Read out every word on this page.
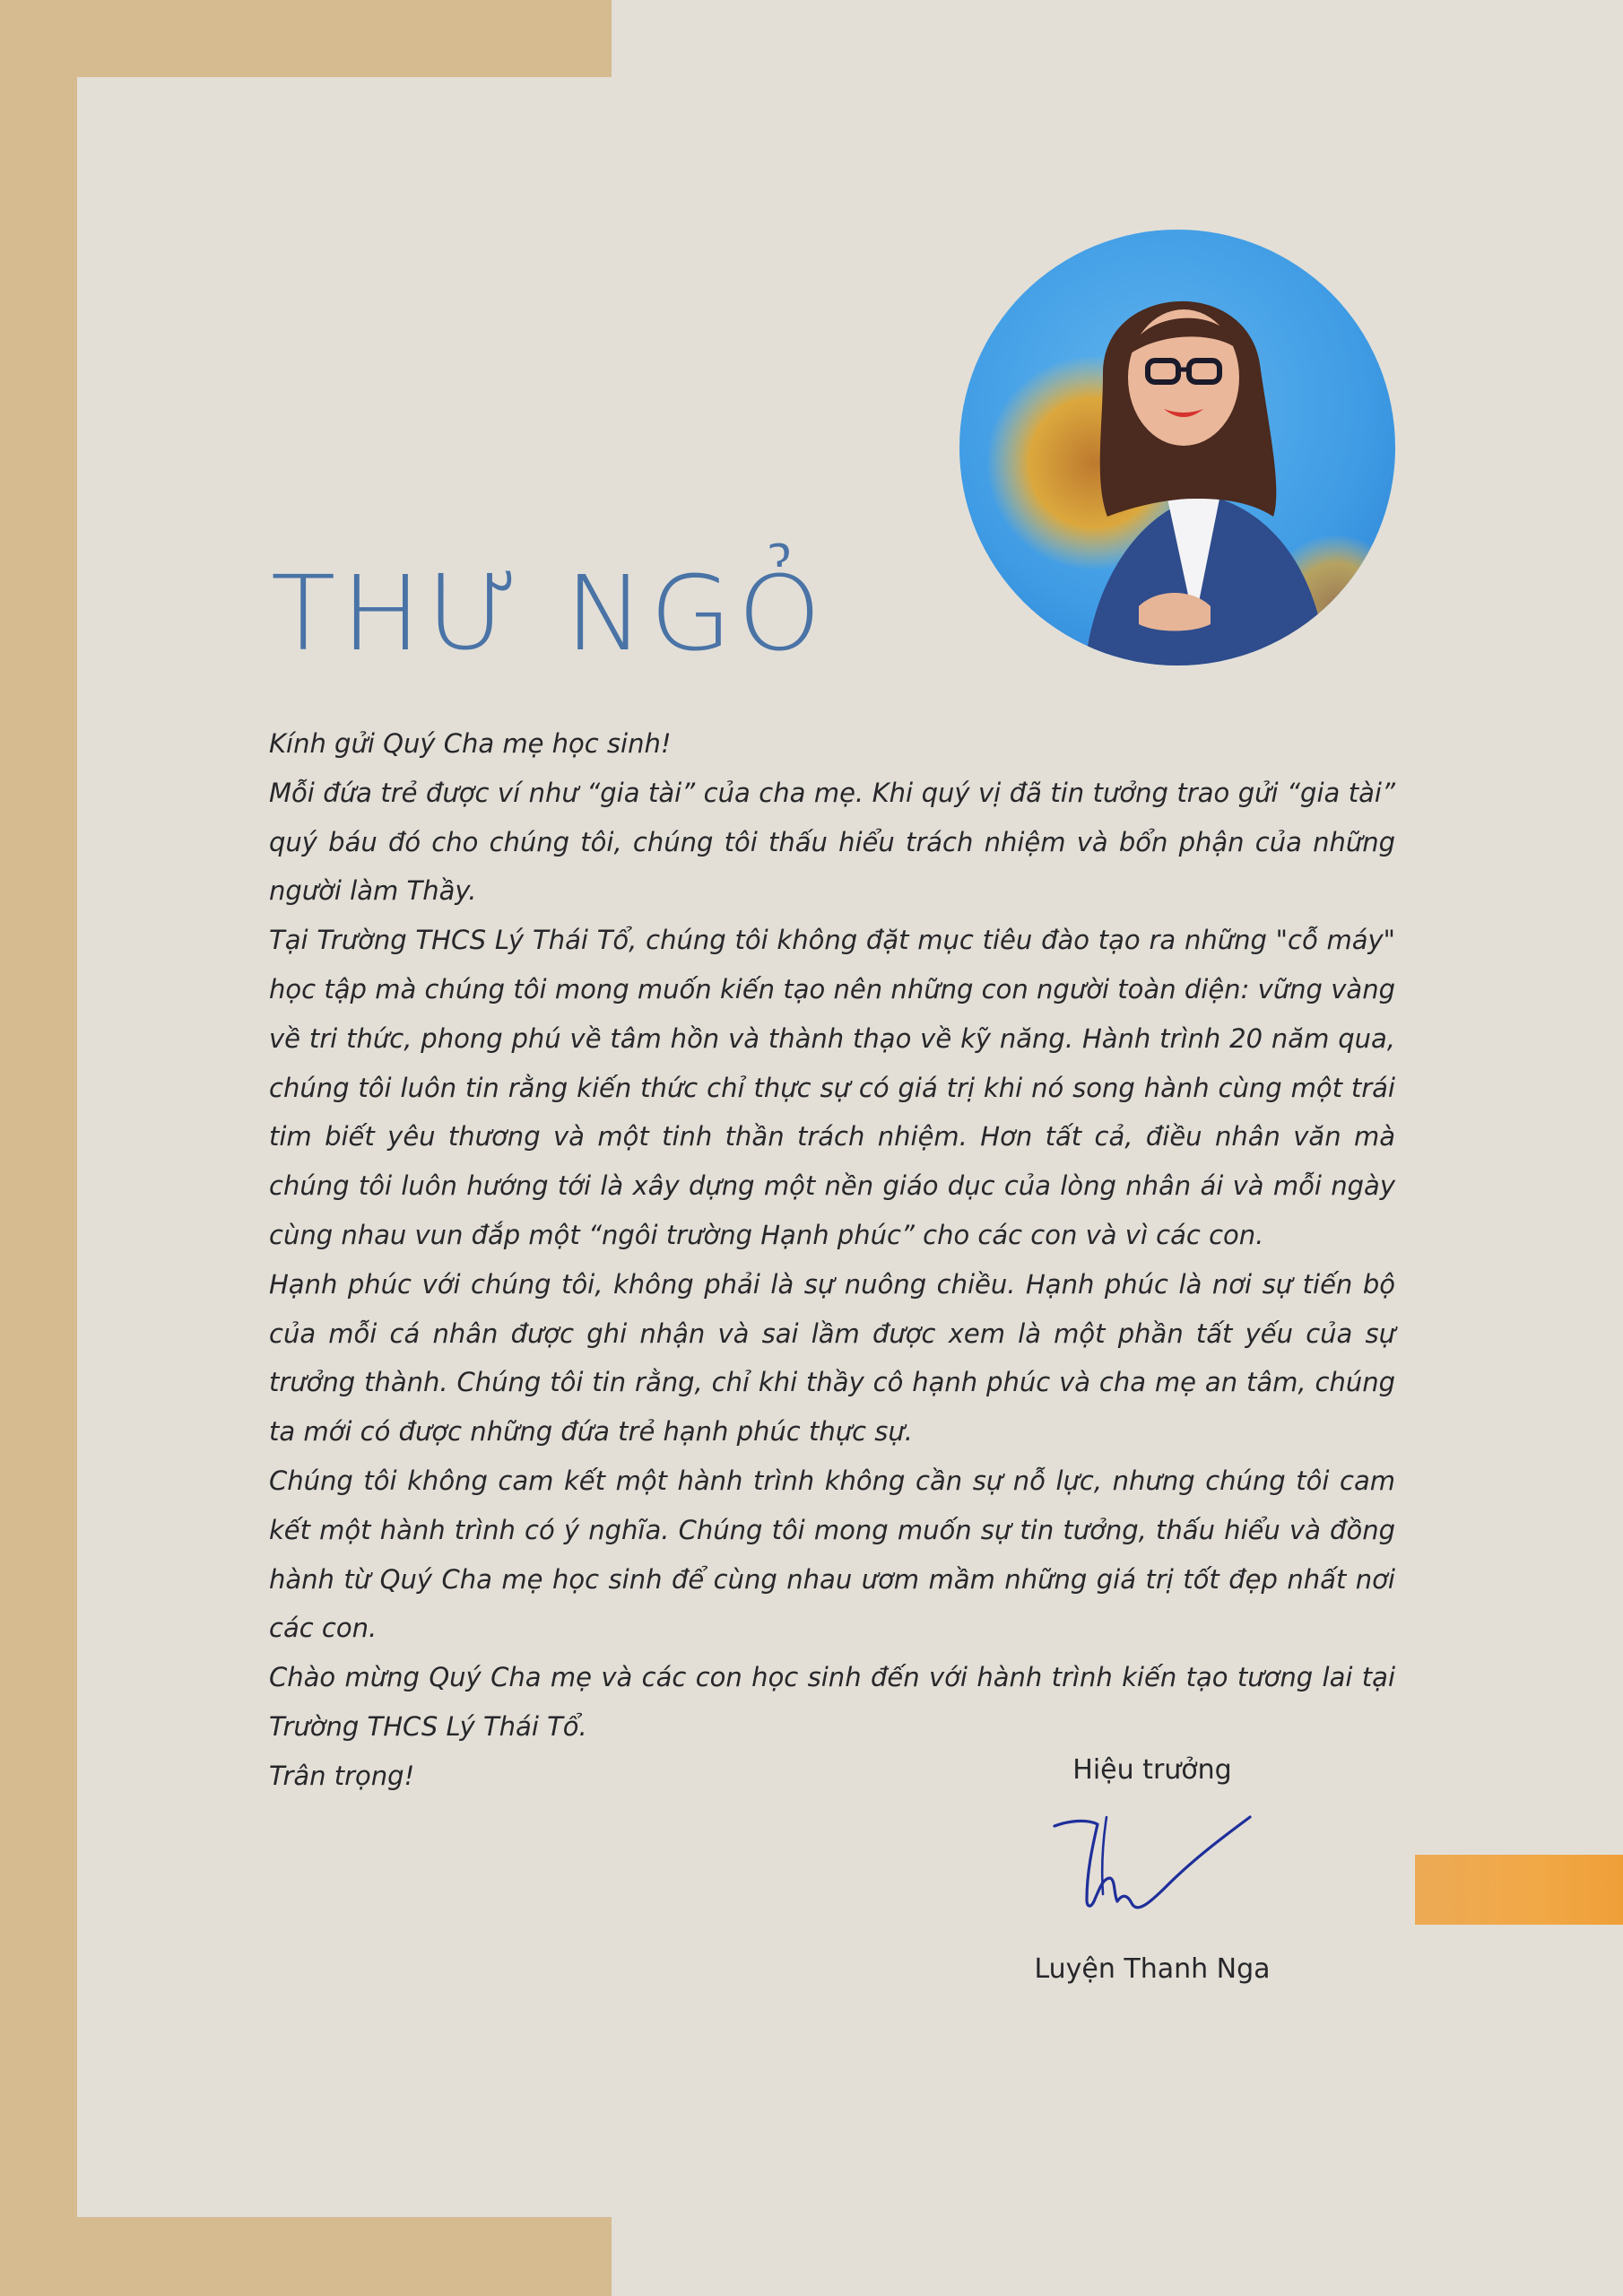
THƯ NGỎ

Kính gửi Quý Cha mẹ học sinh!

Mỗi đứa trẻ được ví như “gia tài” của cha mẹ. Khi quý vị đã tin tưởng trao gửi “gia tài” quý báu đó cho chúng tôi, chúng tôi thấu hiểu trách nhiệm và bổn phận của những người làm Thầy.

Tại Trường THCS Lý Thái Tổ, chúng tôi không đặt mục tiêu đào tạo ra những "cỗ máy" học tập mà chúng tôi mong muốn kiến tạo nên những con người toàn diện: vững vàng về tri thức, phong phú về tâm hồn và thành thạo về kỹ năng. Hành trình 20 năm qua, chúng tôi luôn tin rằng kiến thức chỉ thực sự có giá trị khi nó song hành cùng một trái tim biết yêu thương và một tinh thần trách nhiệm. Hơn tất cả, điều nhân văn mà chúng tôi luôn hướng tới là xây dựng một nền giáo dục của lòng nhân ái và mỗi ngày cùng nhau vun đắp một “ngôi trường Hạnh phúc” cho các con và vì các con.

Hạnh phúc với chúng tôi, không phải là sự nuông chiều. Hạnh phúc là nơi sự tiến bộ của mỗi cá nhân được ghi nhận và sai lầm được xem là một phần tất yếu của sự trưởng thành. Chúng tôi tin rằng, chỉ khi thầy cô hạnh phúc và cha mẹ an tâm, chúng ta mới có được những đứa trẻ hạnh phúc thực sự.

Chúng tôi không cam kết một hành trình không cần sự nỗ lực, nhưng chúng tôi cam kết một hành trình có ý nghĩa. Chúng tôi mong muốn sự tin tưởng, thấu hiểu và đồng hành từ Quý Cha mẹ học sinh để cùng nhau ươm mầm những giá trị tốt đẹp nhất nơi các con.

Chào mừng Quý Cha mẹ và các con học sinh đến với hành trình kiến tạo tương lai tại Trường THCS Lý Thái Tổ.

Trân trọng!	Hiệu trưởng
Luyện Thanh Nga
